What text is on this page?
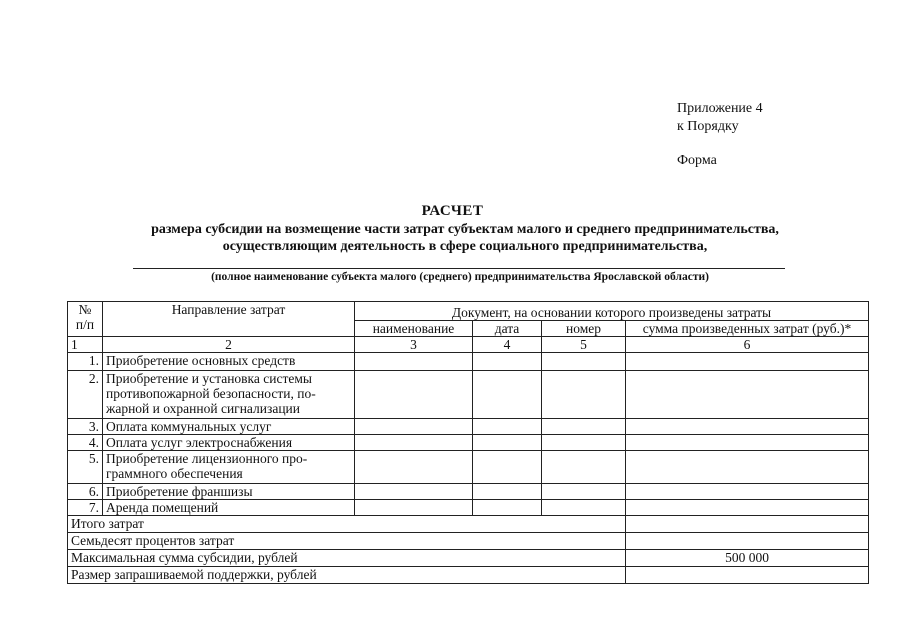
Приложение 4
к Порядку
Форма
РАСЧЕТ
размера субсидии на возмещение части затрат субъектам малого и среднего предпринимательства,
осуществляющим деятельность в сфере социального предпринимательства,
(полное наименование субъекта малого (среднего) предпринимательства Ярославской области)
№
п/п	Направление затрат	Документ, на основании которого произведены затраты			
		наименование	дата	номер	сумма произведенных затрат (руб.)*
1	2	3	4	5	6
1.	Приобретение основных средств				
2.	Приобретение и установка системы противопожарной безопасности, по-жарной и охранной сигнализации				
3.	Оплата коммунальных услуг				
4.	Оплата услуг электроснабжения				
5.	Приобретение лицензионного про-граммного обеспечения				
6.	Приобретение франшизы				
7.	Аренда помещений				
Итого затрат					
Семьдесят процентов затрат					
Максимальная сумма субсидии, рублей					500 000
Размер запрашиваемой поддержки, рублей					
